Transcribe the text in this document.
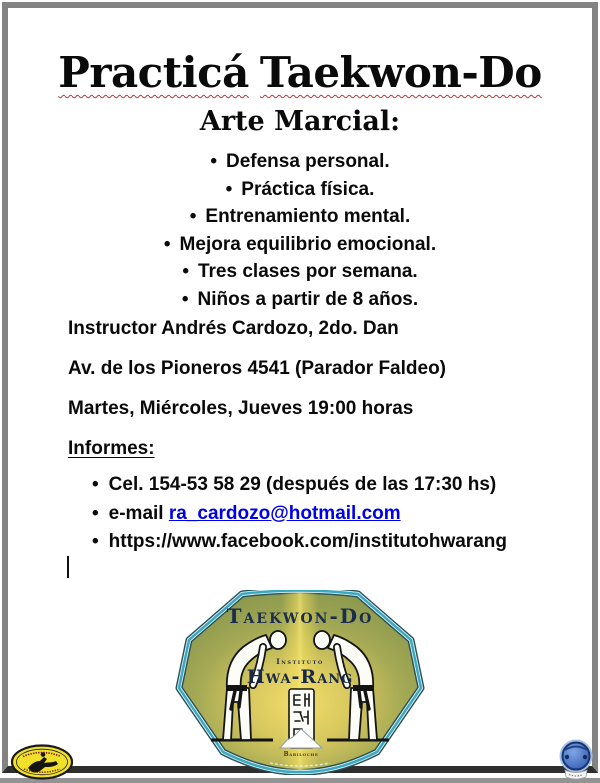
Practicá Taekwon-Do
Arte Marcial:
• Defensa personal.
• Práctica física.
• Entrenamiento mental.
• Mejora equilibrio emocional.
• Tres clases por semana.
• Niños a partir de 8 años.
Instructor Andrés Cardozo, 2do. Dan
Av. de los Pioneros 4541 (Parador Faldeo)
Martes, Miércoles, Jueves 19:00 horas
Informes:
• Cel. 154-53 58 29 (después de las 17:30 hs)
• e-mail ra_cardozo@hotmail.com
• https://www.facebook.com/institutohwarang
Taekwon-Do
Instituto
Hwa-Rang
Bariloche
